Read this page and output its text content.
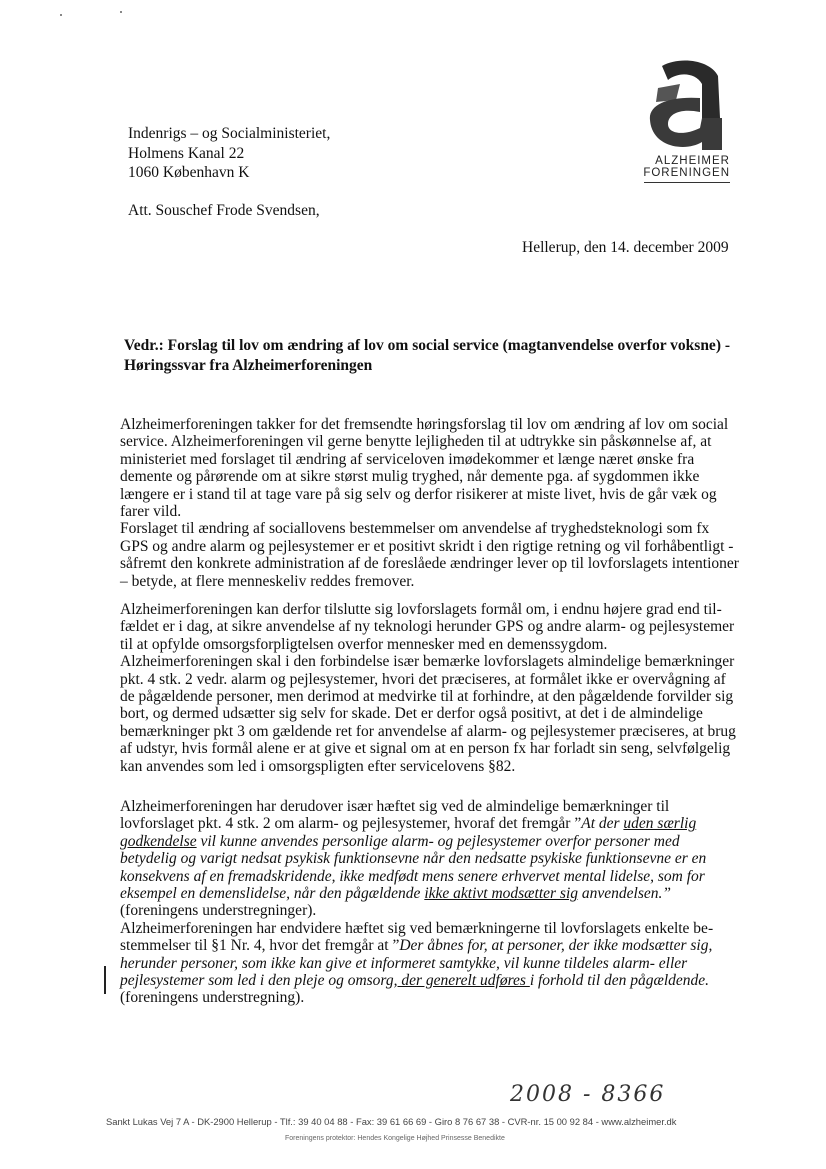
ALZHEIMER
FORENINGEN
Indenrigs – og Socialministeriet,
Holmens Kanal 22
1060 København K
Att. Souschef Frode Svendsen,
Hellerup, den 14. december 2009
Vedr.: Forslag til lov om ændring af lov om social service (magtanvendelse overfor voksne) -
Høringssvar fra Alzheimerforeningen
Alzheimerforeningen takker for det fremsendte høringsforslag til lov om ændring af lov om social
service. Alzheimerforeningen vil gerne benytte lejligheden til at udtrykke sin påskønnelse af, at
ministeriet med forslaget til ændring af serviceloven imødekommer et længe næret ønske fra
demente og pårørende om at sikre størst mulig tryghed, når demente pga. af sygdommen ikke
længere er i stand til at tage vare på sig selv og derfor risikerer at miste livet, hvis de går væk og
farer vild.
Forslaget til ændring af sociallovens bestemmelser om anvendelse af tryghedsteknologi som fx
GPS og andre alarm og pejlesystemer er et positivt skridt i den rigtige retning og vil forhåbentligt -
såfremt den konkrete administration af de foreslåede ændringer lever op til lovforslagets intentioner
– betyde, at flere menneskeliv reddes fremover.
Alzheimerforeningen kan derfor tilslutte sig lovforslagets formål om, i endnu højere grad end til-
fældet er i dag, at sikre anvendelse af ny teknologi herunder GPS og andre alarm- og pejlesystemer
til at opfylde omsorgsforpligtelsen overfor mennesker med en demenssygdom.
Alzheimerforeningen skal i den forbindelse især bemærke lovforslagets almindelige bemærkninger
pkt. 4 stk. 2 vedr. alarm og pejlesystemer, hvori det præciseres, at formålet ikke er overvågning af
de pågældende personer, men derimod at medvirke til at forhindre, at den pågældende forvilder sig
bort, og dermed udsætter sig selv for skade. Det er derfor også positivt, at det i de almindelige
bemærkninger pkt 3 om gældende ret for anvendelse af alarm- og pejlesystemer præciseres, at brug
af udstyr, hvis formål alene er at give et signal om at en person fx har forladt sin seng, selvfølgelig
kan anvendes som led i omsorgspligten efter servicelovens §82.
Alzheimerforeningen har derudover især hæftet sig ved de almindelige bemærkninger til
lovforslaget pkt. 4 stk. 2 om alarm- og pejlesystemer, hvoraf det fremgår ”At der uden særlig
godkendelse vil kunne anvendes personlige alarm- og pejlesystemer overfor personer med
betydelig og varigt nedsat psykisk funktionsevne når den nedsatte psykiske funktionsevne er en
konsekvens af en fremadskridende, ikke medfødt mens senere erhvervet mental lidelse, som for
eksempel en demenslidelse, når den pågældende ikke aktivt modsætter sig anvendelsen.”
(foreningens understregninger).
Alzheimerforeningen har endvidere hæftet sig ved bemærkningerne til lovforslagets enkelte be-
stemmelser til §1 Nr. 4, hvor det fremgår at ”Der åbnes for, at personer, der ikke modsætter sig,
herunder personer, som ikke kan give et informeret samtykke, vil kunne tildeles alarm- eller
pejlesystemer som led i den pleje og omsorg, der generelt udføres i forhold til den pågældende.
(foreningens understregning).
2008 - 8366
Sankt Lukas Vej 7 A - DK-2900 Hellerup - Tlf.: 39 40 04 88 - Fax: 39 61 66 69 - Giro 8 76 67 38 - CVR-nr. 15 00 92 84 - www.alzheimer.dk
Foreningens protektor: Hendes Kongelige Højhed Prinsesse Benedikte
